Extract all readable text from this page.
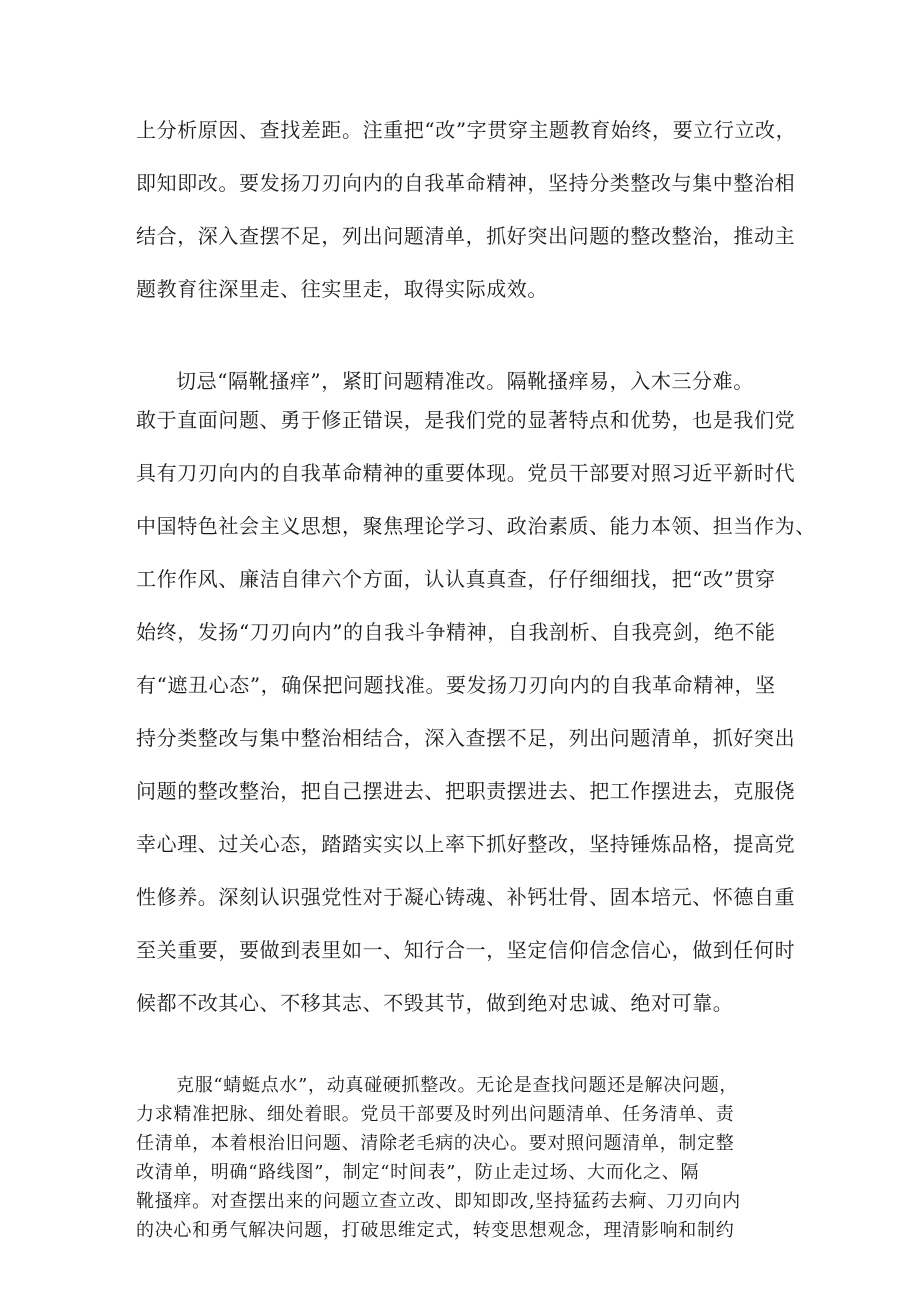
上分析原因、查找差距。注重把“改”字贯穿主题教育始终，要立行立改，
即知即改。要发扬刀刃向内的自我革命精神，坚持分类整改与集中整治相
结合，深入查摆不足，列出问题清单，抓好突出问题的整改整治，推动主
题教育往深里走、往实里走，取得实际成效。
切忌“隔靴搔痒”，紧盯问题精准改。隔靴搔痒易，入木三分难。
敢于直面问题、勇于修正错误，是我们党的显著特点和优势，也是我们党
具有刀刃向内的自我革命精神的重要体现。党员干部要对照习近平新时代
中国特色社会主义思想，聚焦理论学习、政治素质、能力本领、担当作为、
工作作风、廉洁自律六个方面，认认真真查，仔仔细细找，把“改”贯穿
始终，发扬“刀刃向内”的自我斗争精神，自我剖析、自我亮剑，绝不能
有“遮丑心态”，确保把问题找准。要发扬刀刃向内的自我革命精神，坚
持分类整改与集中整治相结合，深入查摆不足，列出问题清单，抓好突出
问题的整改整治，把自己摆进去、把职责摆进去、把工作摆进去，克服侥
幸心理、过关心态，踏踏实实以上率下抓好整改，坚持锤炼品格，提高党
性修养。深刻认识强党性对于凝心铸魂、补钙壮骨、固本培元、怀德自重
至关重要，要做到表里如一、知行合一，坚定信仰信念信心，做到任何时
候都不改其心、不移其志、不毁其节，做到绝对忠诚、绝对可靠。
克服“蜻蜓点水”，动真碰硬抓整改。无论是查找问题还是解决问题，
力求精准把脉、细处着眼。党员干部要及时列出问题清单、任务清单、责
任清单，本着根治旧问题、清除老毛病的决心。要对照问题清单，制定整
改清单，明确“路线图”，制定“时间表”，防止走过场、大而化之、隔
靴搔痒。对查摆出来的问题立查立改、即知即改,坚持猛药去痾、刀刃向内
的决心和勇气解决问题，打破思维定式，转变思想观念，理清影响和制约
